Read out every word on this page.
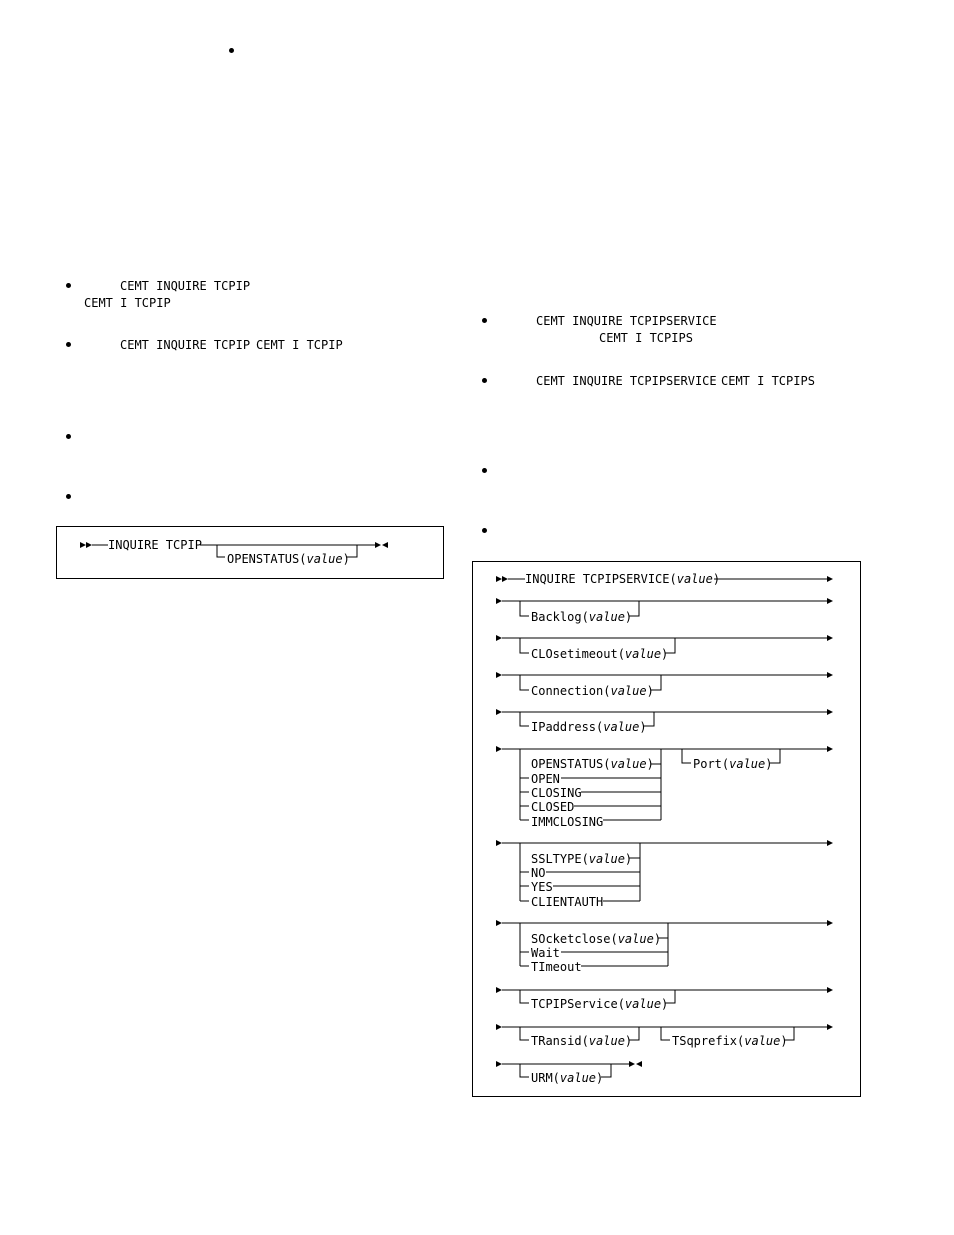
CEMT INQUIRE TCPIP
CEMT I TCPIP
CEMT INQUIRE TCPIP CEMT I TCPIP
INQUIRE TCPIP
OPENSTATUS(value)
CEMT INQUIRE TCPIPSERVICE
CEMT I TCPIPS
CEMT INQUIRE TCPIPSERVICE CEMT I TCPIPS
INQUIRE TCPIPSERVICE(value)
Backlog(value)
CLOsetimeout(value)
Connection(value)
IPaddress(value)
OPENSTATUS(value)
OPEN
CLOSING
CLOSED
IMMCLOSING
Port(value)
SSLTYPE(value)
NO
YES
CLIENTAUTH
SOcketclose(value)
Wait
TImeout
TCPIPService(value)
TRansid(value)	TSqprefix(value)
URM(value)
